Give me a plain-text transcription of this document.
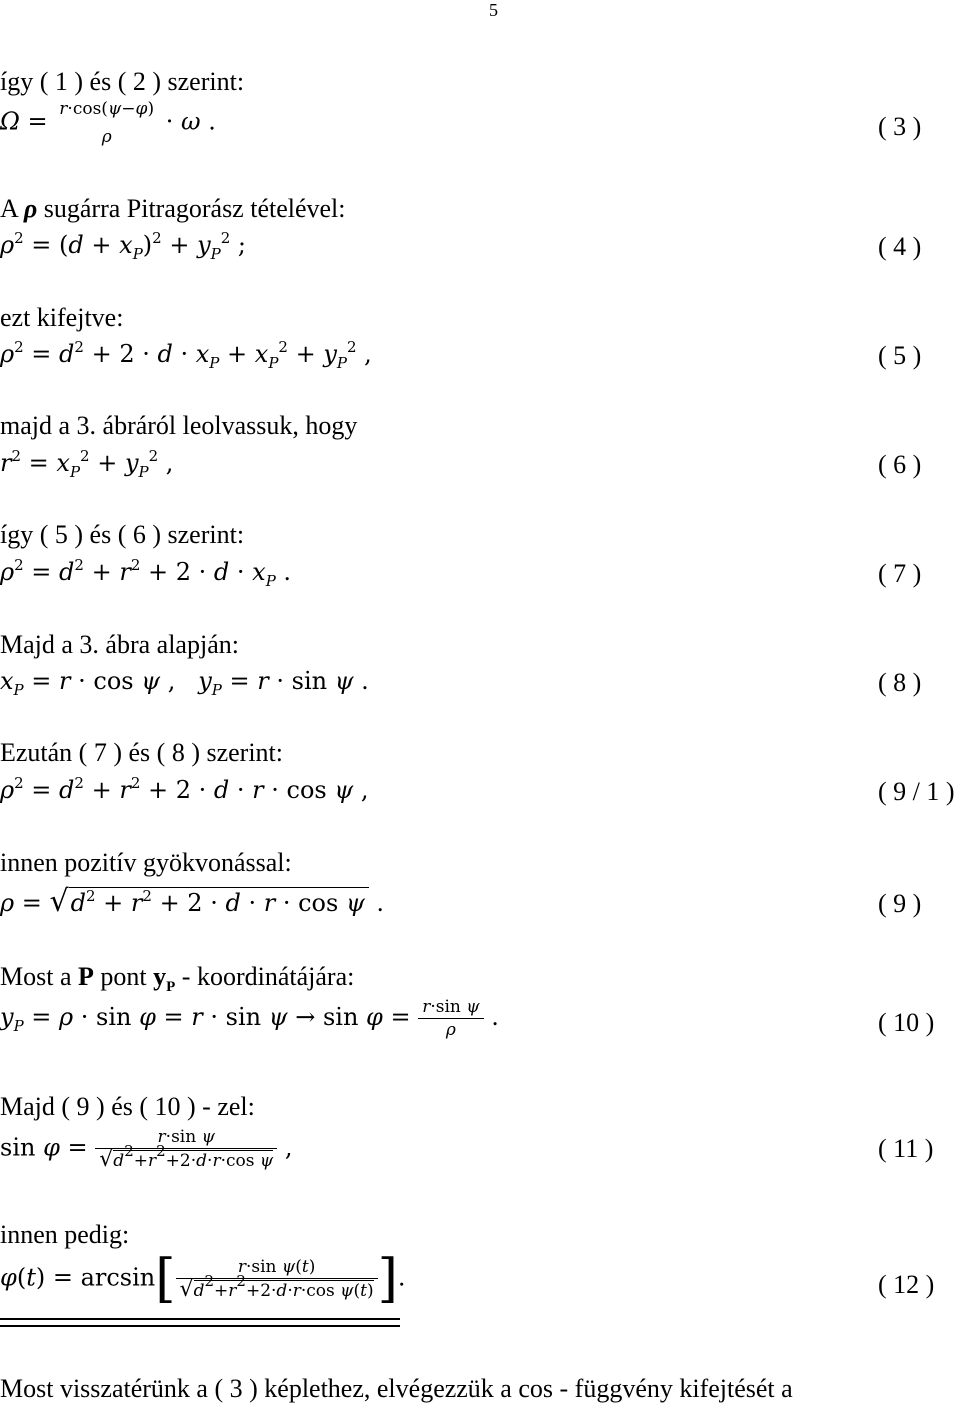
5
így ( 1 ) és ( 2 ) szerint:
Ω = r·cos(ψ−φ)
ρ
· ω .	( 3 )
A ρ sugárra Pitragorász tételével:
$\rho^2 = (d + x_P)^2 + y_P^2$ ;	( 4 )
ezt kifejtve:
$\rho^2 = d^2 + 2 \cdot d \cdot x_P + x_P^2 + y_P^2$ ,	( 5 )
majd a 3. ábráról leolvassuk, hogy
$r^2 = x_P^2 + y_P^2$ ,	( 6 )
így ( 5 ) és ( 6 ) szerint:
$\rho^2 = d^2 + r^2 + 2 \cdot d \cdot x_P$ .	( 7 )
Majd a 3. ábra alapján:
$x_P = r \cdot \cos \psi$ ,   $y_P = r \cdot \sin \psi$ .	( 8 )
Ezután ( 7 ) és ( 8 ) szerint:
$\rho^2 = d^2 + r^2 + 2 \cdot d \cdot r \cdot \cos \psi$ ,	( 9 / 1 )
innen pozitív gyökvonással:
$\rho = √d^2 + r^2 + 2 \cdot d \cdot r \cdot \cos \psi$ .	( 9 )
Most a P pont $y_P$ - koordinátájára:
$y_P = \rho \cdot \sin \varphi = r \cdot \sin \psi \to \sin \varphi = \frac{\text{r·sin ψ}}{\rho}$ .	( 10 )
Majd ( 9 ) és ( 10 ) - zel:
$\sin \varphi = \frac{\text{r·sin ψ}}{√d^2+r^2+2\cdot d\cdot r\cdot\cos \psi}$ ,	( 11 )
innen pedig:
$\varphi(t) = \arcsin[ \frac{\text{r·sin ψ(t)}}{√d^2+r^2+2\cdot d\cdot r\cdot\cos \psi(t)}$ ].	( 12 )
Most visszatérünk a ( 3 ) képlethez, elvégezzük a cos - függvény kifejtését a
